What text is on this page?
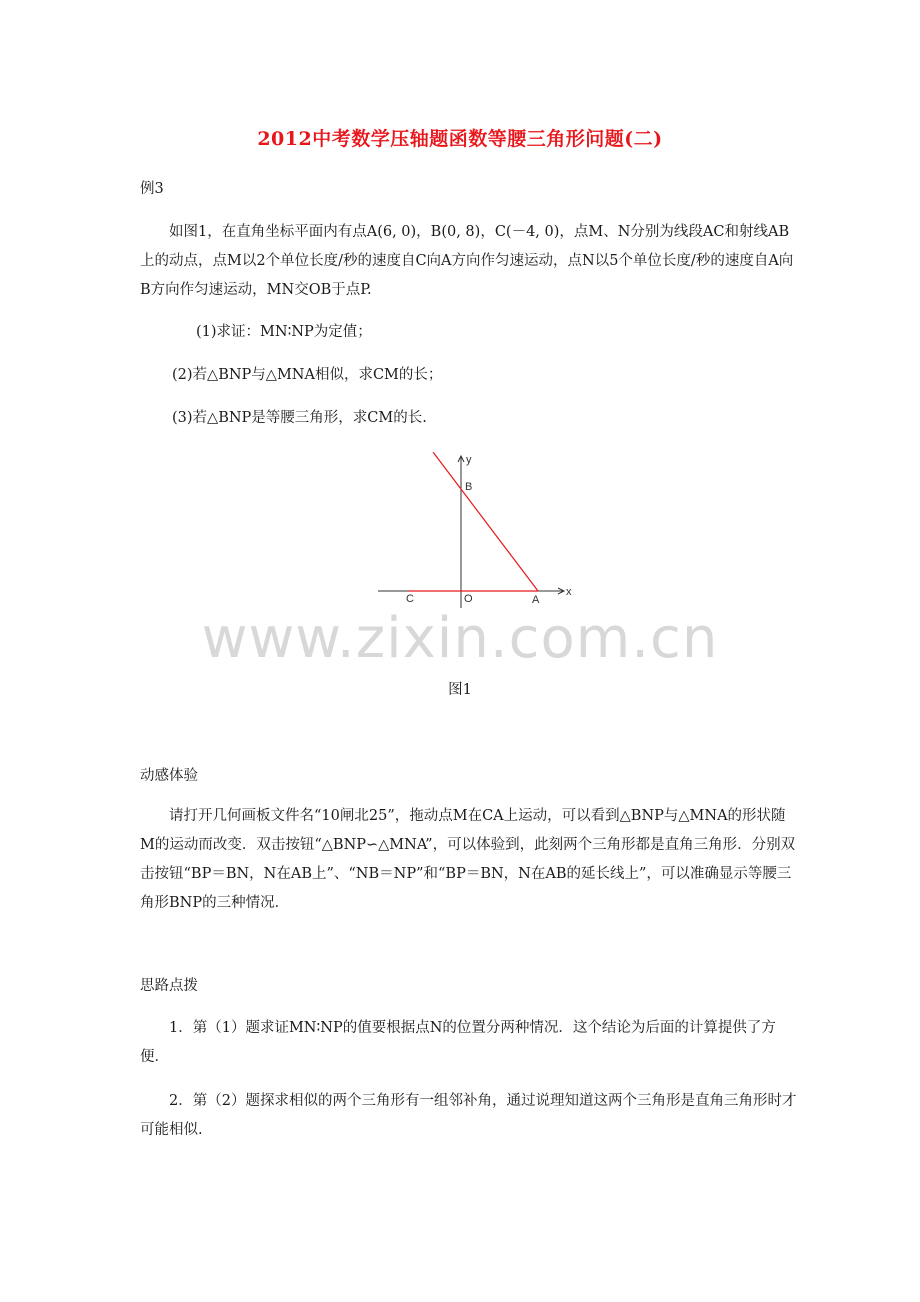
2012中考数学压轴题函数等腰三角形问题(二)

例3

如图1，在直角坐标平面内有点A(6, 0)，B(0, 8)，C(－4, 0)，点M、N分别为线段AC和射线AB上的动点，点M以2个单位长度/秒的速度自C向A方向作匀速运动，点N以5个单位长度/秒的速度自A向B方向作匀速运动，MN交OB于点P.

(1)求证：MN∶NP为定值；

(2)若△BNP与△MNA相似，求CM的长；

(3)若△BNP是等腰三角形，求CM的长.

y
x
B
O
C	A
www.zixin.com.cn
图1

动感体验

请打开几何画板文件名“10闸北25”，拖动点M在CA上运动，可以看到△BNP与△MNA的形状随M的运动而改变．双击按钮“△BNP∽△MNA”，可以体验到，此刻两个三角形都是直角三角形．分别双击按钮“BP＝BN，N在AB上”、“NB＝NP”和“BP＝BN，N在AB的延长线上”，可以准确显示等腰三角形BNP的三种情况．

思路点拨

1．第（1）题求证MN∶NP的值要根据点N的位置分两种情况．这个结论为后面的计算提供了方便．

2．第（2）题探求相似的两个三角形有一组邻补角，通过说理知道这两个三角形是直角三角形时才可能相似.
